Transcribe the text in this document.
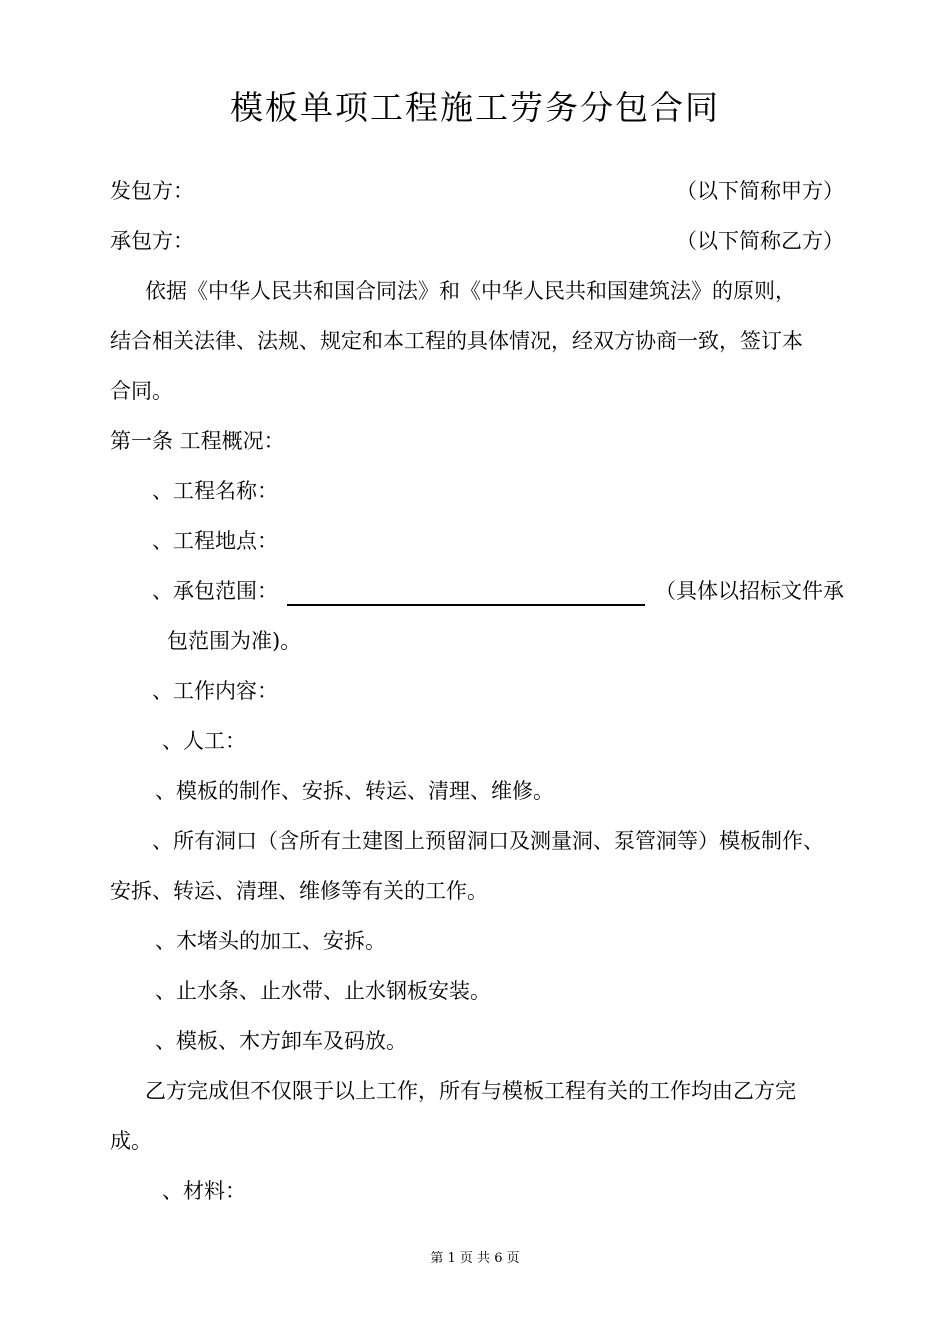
模板单项工程施工劳务分包合同
发包方：	（以下简称甲方）
承包方：	（以下简称乙方）
依据《中华人民共和国合同法》和《中华人民共和国建筑法》的原则，
结合相关法律、法规、规定和本工程的具体情况，经双方协商一致，签订本
合同。
第一条 工程概况：
、工程名称：
、工程地点：
、承包范围：	（具体以招标文件承
包范围为准)。
、工作内容：
、人工：
、模板的制作、安拆、转运、清理、维修。
、所有洞口（含所有土建图上预留洞口及测量洞、泵管洞等）模板制作、
安拆、转运、清理、维修等有关的工作。
、木堵头的加工、安拆。
、止水条、止水带、止水钢板安装。
、模板、木方卸车及码放。
乙方完成但不仅限于以上工作，所有与模板工程有关的工作均由乙方完
成。
、材料：
第 1 页 共 6 页
